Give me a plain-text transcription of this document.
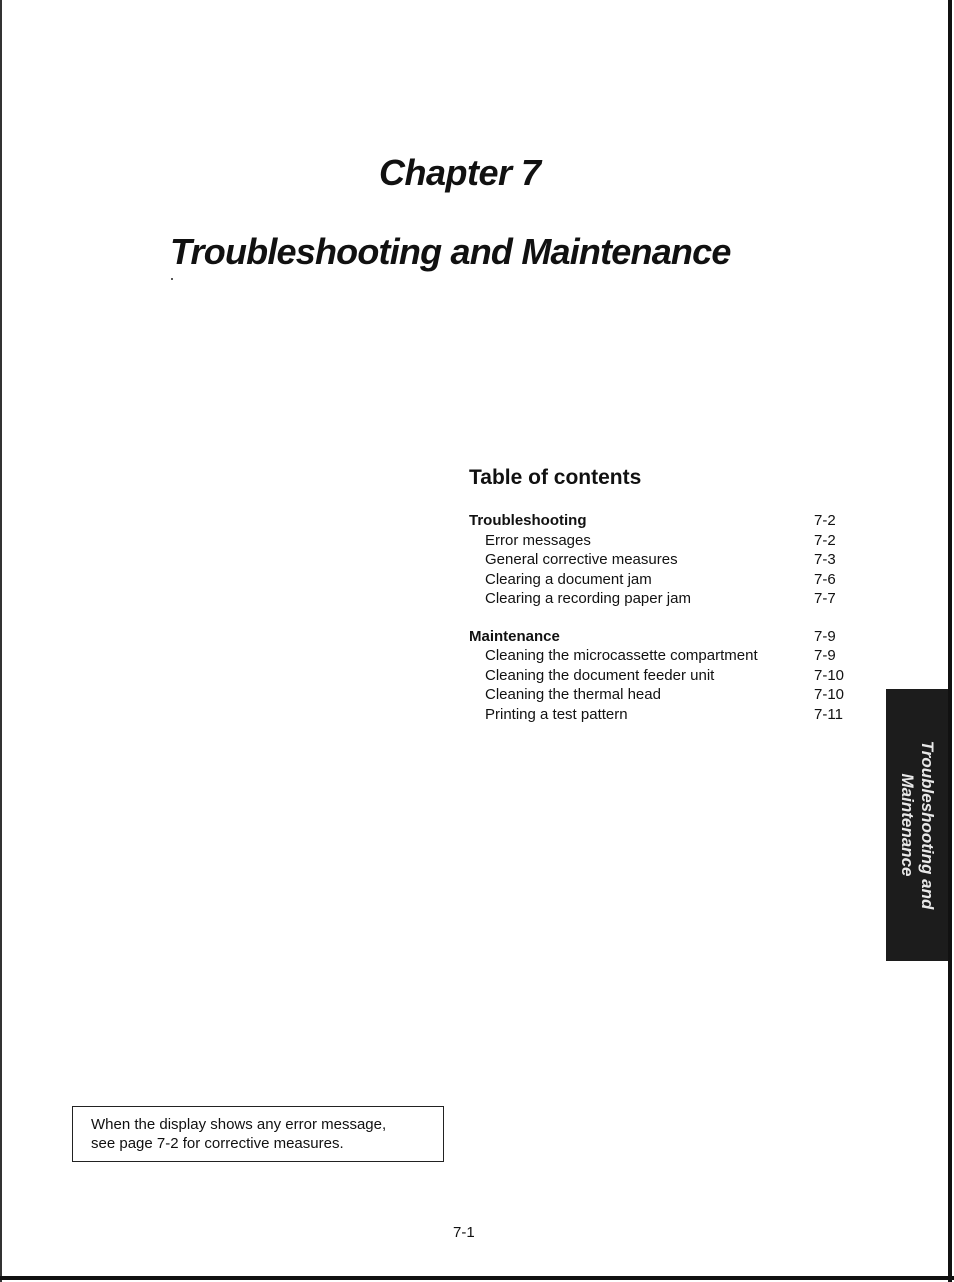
Chapter 7
Troubleshooting and Maintenance
Table of contents
Troubleshooting	7-2
Error messages	7-2
General corrective measures	7-3
Clearing a document jam	7-6
Clearing a recording paper jam	7-7
Maintenance	7-9
Cleaning the microcassette compartment	7-9
Cleaning the document feeder unit	7-10
Cleaning the thermal head	7-10
Printing a test pattern	7-11
Troubleshooting and
Maintenance
When the display shows any error message,
see page 7-2 for corrective measures.
7-1
